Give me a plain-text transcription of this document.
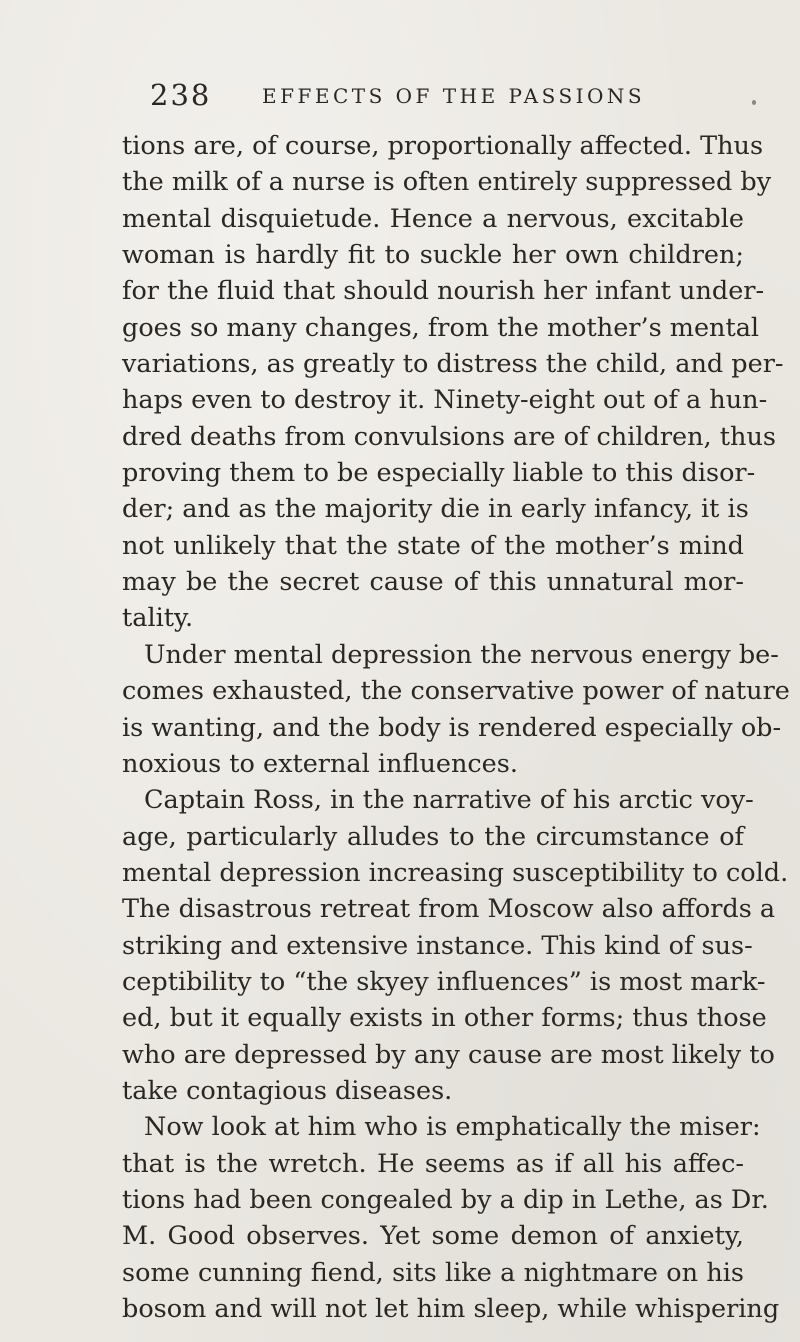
238	EFFECTS OF THE PASSIONS
tions are, of course, proportionally affected. Thus
the milk of a nurse is often entirely suppressed by
mental disquietude. Hence a nervous, excitable
woman is hardly fit to suckle her own children;
for the fluid that should nourish her infant under-
goes so many changes, from the mother’s mental
variations, as greatly to distress the child, and per-
haps even to destroy it. Ninety-eight out of a hun-
dred deaths from convulsions are of children, thus
proving them to be especially liable to this disor-
der; and as the majority die in early infancy, it is
not unlikely that the state of the mother’s mind
may be the secret cause of this unnatural mor-
tality.
Under mental depression the nervous energy be-
comes exhausted, the conservative power of nature
is wanting, and the body is rendered especially ob-
noxious to external influences.
Captain Ross, in the narrative of his arctic voy-
age, particularly alludes to the circumstance of
mental depression increasing susceptibility to cold.
The disastrous retreat from Moscow also affords a
striking and extensive instance. This kind of sus-
ceptibility to “the skyey influences” is most mark-
ed, but it equally exists in other forms; thus those
who are depressed by any cause are most likely to
take contagious diseases.
Now look at him who is emphatically the miser:
that is the wretch. He seems as if all his affec-
tions had been congealed by a dip in Lethe, as Dr.
M. Good observes. Yet some demon of anxiety,
some cunning fiend, sits like a nightmare on his
bosom and will not let him sleep, while whispering
